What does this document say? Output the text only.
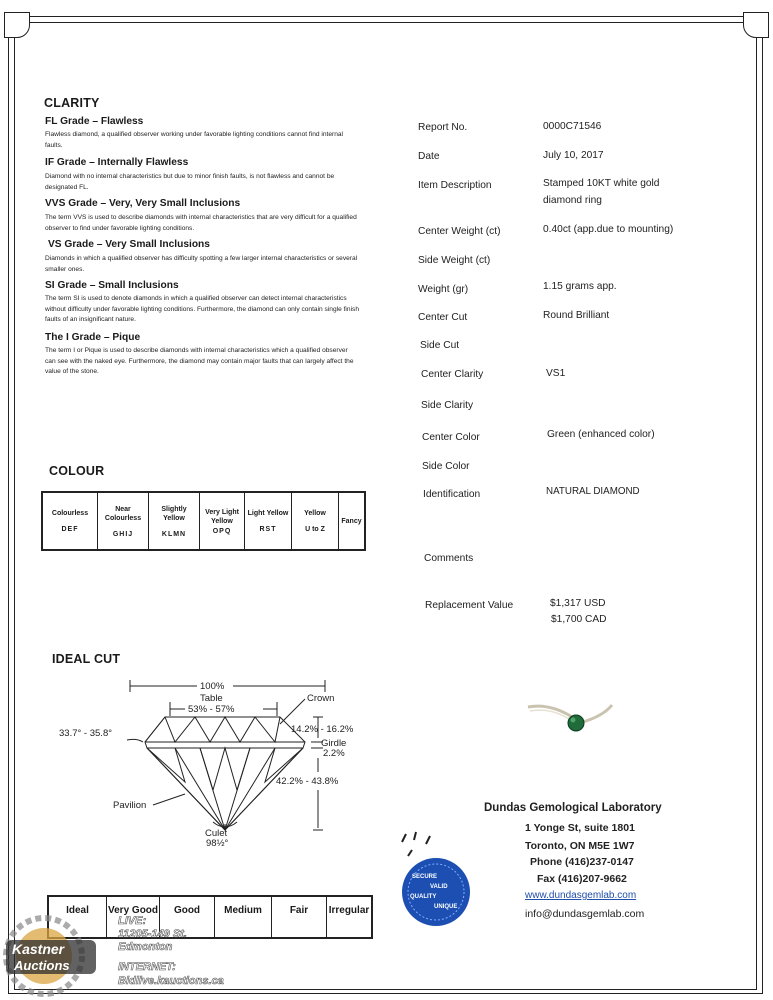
CLARITY
FL Grade – Flawless
Flawless diamond, a qualified observer working under favorable lighting conditions cannot find internal faults.
IF Grade – Internally Flawless
Diamond with no internal characteristics but due to minor finish faults, is not flawless and cannot be designated FL.
VVS Grade – Very, Very Small Inclusions
The term VVS is used to describe diamonds with internal characteristics that are very difficult for a qualified observer to find under favorable lighting conditions.
VS Grade – Very Small Inclusions
Diamonds in which a qualified observer has difficulty spotting a few larger internal characteristics or several smaller ones.
SI Grade – Small Inclusions
The term SI is used to denote diamonds in which a qualified observer can detect internal characteristics without difficulty under favorable lighting conditions. Furthermore, the diamond can only contain single finish faults of an insignificant nature.
The I Grade – Pique
The term I or Pique is used to describe diamonds with internal characteristics which a qualified observer can see with the naked eye. Furthermore, the diamond may contain major faults that can largely affect the value of the stone.
Report No.	0000C71546
Date	July 10, 2017
Item Description	Stamped 10KT white gold diamond ring
Center Weight (ct)	0.40ct (app.due to mounting)
Side Weight (ct)
Weight (gr)	1.15 grams app.
Center Cut	Round Brilliant
Side Cut
Center Clarity	VS1
Side Clarity
Center Color	Green (enhanced color)
Side Color
Identification	NATURAL DIAMOND
Comments
Replacement Value	$1,317 USD
$1,700 CAD
COLOUR
Colourless
DEF

Near Colourless
GHIJ

Slightly Yellow
KLMN

Very Light Yellow
OPQ

Light Yellow
RST

Yellow
U to Z

Fancy
IDEAL CUT
100%
Table
53% - 57%
Crown
33.7° - 35.8°	14.2% - 16.2%
Girdle
2.2%
42.2% - 43.8%
Pavilion
Culet
98½°
Ideal	Very Good	Good	Medium	Fair	Irregular
SECURE
VALID
QUALITY
UNIQUE
Dundas Gemological Laboratory
1 Yonge St, suite 1801
Toronto, ON M5E 1W7
Phone (416)237-0147
Fax (416)207-9662
www.dundasgemlab.com
info@dundasgemlab.com
Kastner
Auctions
LIVE:
11205-149 St.
Edmonton
INTERNET:
Bidlive.kauctions.ca
